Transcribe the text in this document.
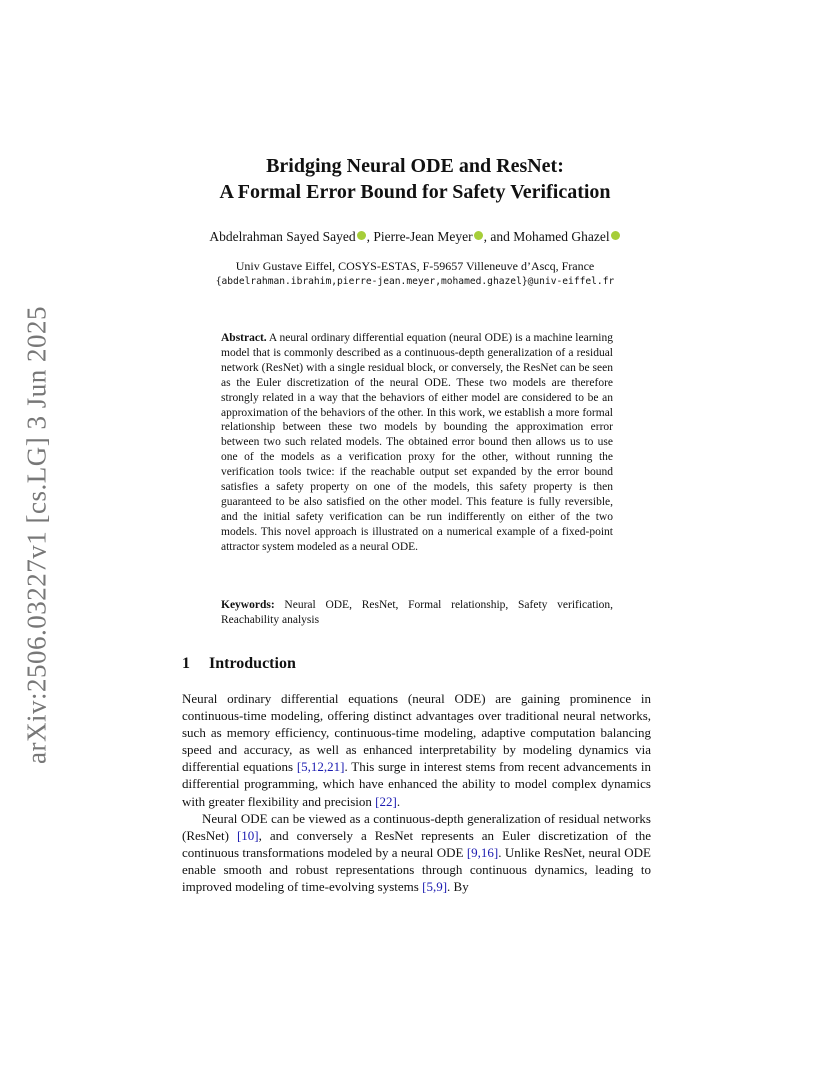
arXiv:2506.03227v1 [cs.LG] 3 Jun 2025
Bridging Neural ODE and ResNet:
A Formal Error Bound for Safety Verification
Abdelrahman Sayed Sayed , Pierre-Jean Meyer , and Mohamed Ghazel
Univ Gustave Eiffel, COSYS-ESTAS, F-59657 Villeneuve d’Ascq, France
{abdelrahman.ibrahim,pierre-jean.meyer,mohamed.ghazel}@univ-eiffel.fr
Abstract. A neural ordinary differential equation (neural ODE) is a machine learning model that is commonly described as a continuous-depth generalization of a residual network (ResNet) with a single residual block, or conversely, the ResNet can be seen as the Euler discretization of the neural ODE. These two models are therefore strongly related in a way that the behaviors of either model are considered to be an approximation of the behaviors of the other. In this work, we establish a more formal relationship between these two models by bounding the approximation error between two such related models. The obtained error bound then allows us to use one of the models as a verification proxy for the other, without running the verification tools twice: if the reachable output set expanded by the error bound satisfies a safety property on one of the models, this safety property is then guaranteed to be also satisfied on the other model. This feature is fully reversible, and the initial safety verification can be run indifferently on either of the two models. This novel approach is illustrated on a numerical example of a fixed-point attractor system modeled as a neural ODE.
Keywords: Neural ODE, ResNet, Formal relationship, Safety verification, Reachability analysis
1 Introduction

Neural ordinary differential equations (neural ODE) are gaining prominence in continuous-time modeling, offering distinct advantages over traditional neural networks, such as memory efficiency, continuous-time modeling, adaptive computation balancing speed and accuracy, as well as enhanced interpretability by modeling dynamics via differential equations [5,12,21]. This surge in interest stems from recent advancements in differential programming, which have enhanced the ability to model complex dynamics with greater flexibility and precision [22].

Neural ODE can be viewed as a continuous-depth generalization of residual networks (ResNet) [10], and conversely a ResNet represents an Euler discretization of the continuous transformations modeled by a neural ODE [9,16]. Unlike ResNet, neural ODE enable smooth and robust representations through continuous dynamics, leading to improved modeling of time-evolving systems [5,9]. By
